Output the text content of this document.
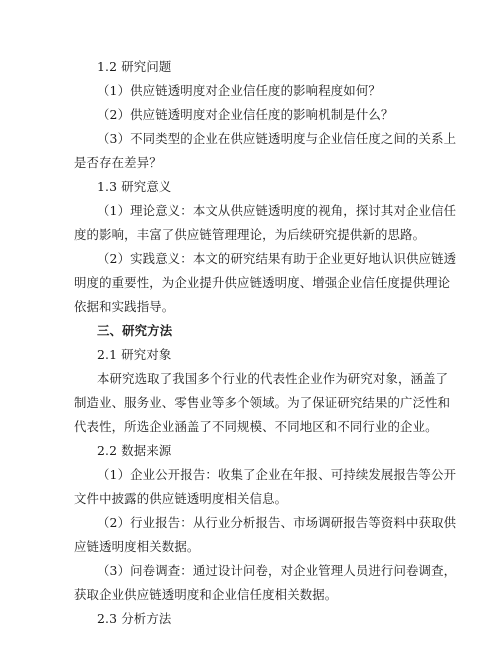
1.2 研究问题
（1）供应链透明度对企业信任度的影响程度如何？
（2）供应链透明度对企业信任度的影响机制是什么？
（3）不同类型的企业在供应链透明度与企业信任度之间的关系上
是否存在差异？
1.3 研究意义
（1）理论意义：本文从供应链透明度的视角，探讨其对企业信任
度的影响，丰富了供应链管理理论，为后续研究提供新的思路。
（2）实践意义：本文的研究结果有助于企业更好地认识供应链透
明度的重要性，为企业提升供应链透明度、增强企业信任度提供理论
依据和实践指导。
三、研究方法
2.1 研究对象
本研究选取了我国多个行业的代表性企业作为研究对象，涵盖了
制造业、服务业、零售业等多个领域。为了保证研究结果的广泛性和
代表性，所选企业涵盖了不同规模、不同地区和不同行业的企业。
2.2 数据来源
（1）企业公开报告：收集了企业在年报、可持续发展报告等公开
文件中披露的供应链透明度相关信息。
（2）行业报告：从行业分析报告、市场调研报告等资料中获取供
应链透明度相关数据。
（3）问卷调查：通过设计问卷，对企业管理人员进行问卷调查，
获取企业供应链透明度和企业信任度相关数据。
2.3 分析方法
